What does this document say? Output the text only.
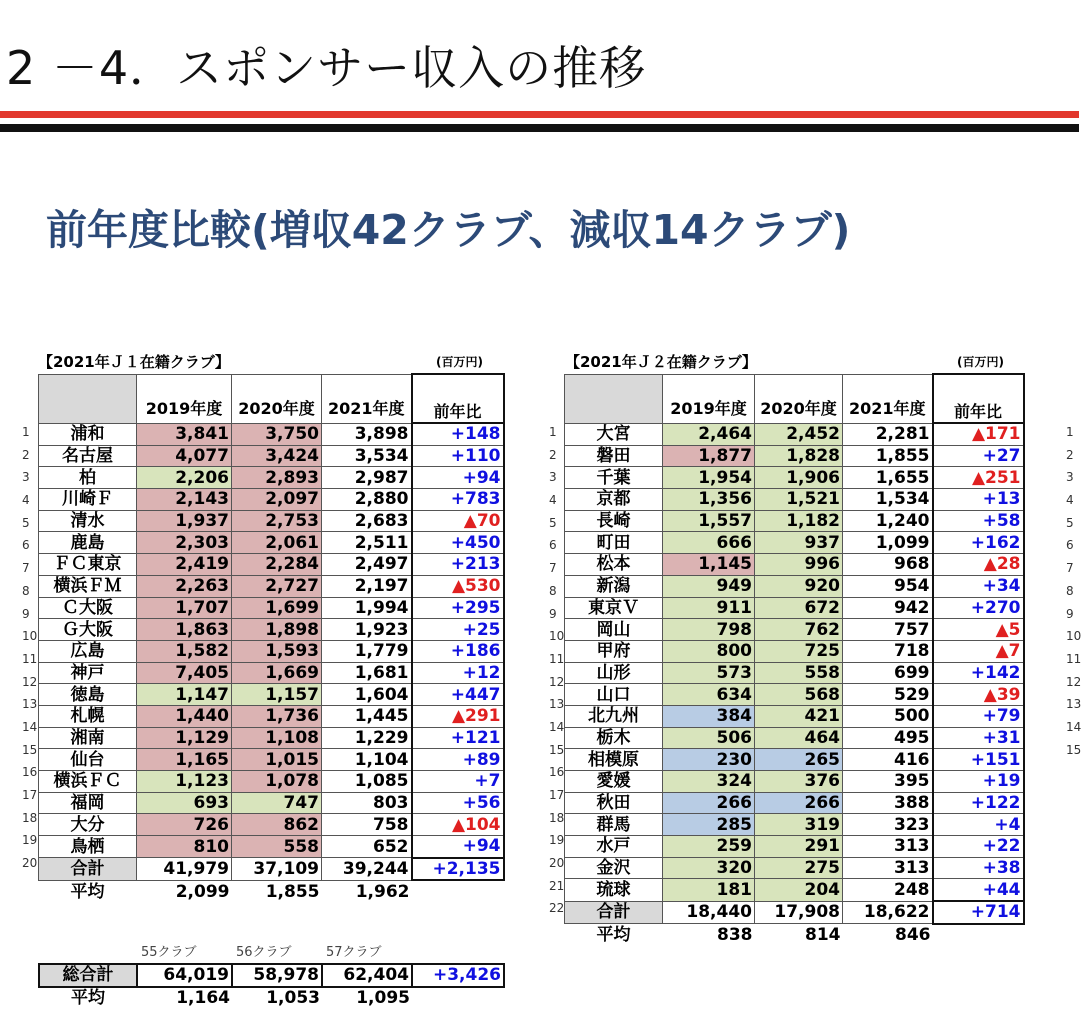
2 －4．スポンサー収入の推移
前年度比較(増収42クラブ、減収14クラブ)
【2021年Ｊ１在籍クラブ】	(百万円)
1
2
3
4
5
6
7
8
9
10
11
12
13
14
15
16
17
18
19
20
	2019年度	2020年度	2021年度	前年比
浦和	3,841	3,750	3,898	+148
名古屋	4,077	3,424	3,534	+110
柏	2,206	2,893	2,987	+94
川崎Ｆ	2,143	2,097	2,880	+783
清水	1,937	2,753	2,683	▲70
鹿島	2,303	2,061	2,511	+450
ＦＣ東京	2,419	2,284	2,497	+213
横浜ＦＭ	2,263	2,727	2,197	▲530
Ｃ大阪	1,707	1,699	1,994	+295
Ｇ大阪	1,863	1,898	1,923	+25
広島	1,582	1,593	1,779	+186
神戸	7,405	1,669	1,681	+12
徳島	1,147	1,157	1,604	+447
札幌	1,440	1,736	1,445	▲291
湘南	1,129	1,108	1,229	+121
仙台	1,165	1,015	1,104	+89
横浜ＦＣ	1,123	1,078	1,085	+7
福岡	693	747	803	+56
大分	726	862	758	▲104
鳥栖	810	558	652	+94
合計	41,979	37,109	39,244	+2,135
平均	2,099	1,855	1,962	
55クラブ	56クラブ	57クラブ
総合計	64,019	58,978	62,404	+3,426
平均	1,164	1,053	1,095	
【2021年Ｊ２在籍クラブ】	(百万円)
1
2
3
4
5
6
7
8
9
10
11
12
13
14
15
16
17
18
19
20
21
22
	2019年度	2020年度	2021年度	前年比
大宮	2,464	2,452	2,281	▲171
磐田	1,877	1,828	1,855	+27
千葉	1,954	1,906	1,655	▲251
京都	1,356	1,521	1,534	+13
長崎	1,557	1,182	1,240	+58
町田	666	937	1,099	+162
松本	1,145	996	968	▲28
新潟	949	920	954	+34
東京Ｖ	911	672	942	+270
岡山	798	762	757	▲5
甲府	800	725	718	▲7
山形	573	558	699	+142
山口	634	568	529	▲39
北九州	384	421	500	+79
栃木	506	464	495	+31
相模原	230	265	416	+151
愛媛	324	376	395	+19
秋田	266	266	388	+122
群馬	285	319	323	+4
水戸	259	291	313	+22
金沢	320	275	313	+38
琉球	181	204	248	+44
合計	18,440	17,908	18,622	+714
平均	838	814	846	
1
2
3
4
5
6
7
8
9
10
11
12
13
14
15
